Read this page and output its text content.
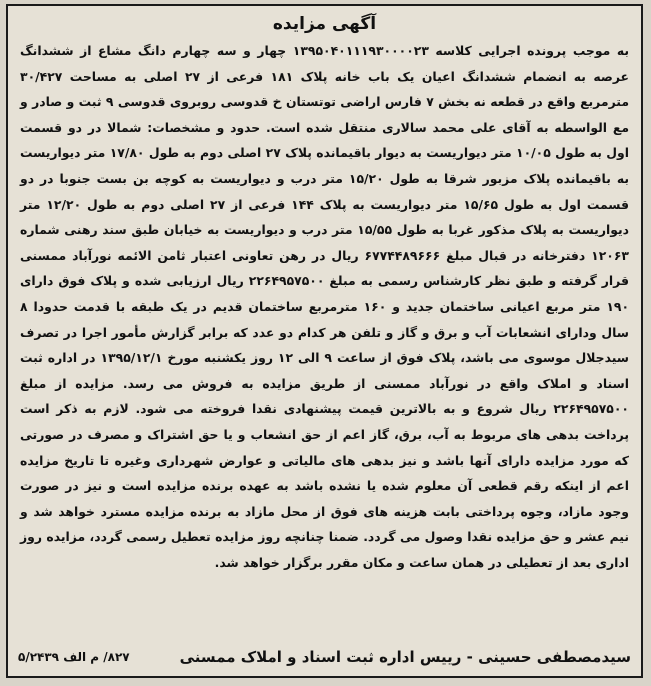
آگهی مزایده

به موجب پرونده اجرایی کلاسه ۱۳۹۵۰۴۰۱۱۱۹۳۰۰۰۰۲۳ چهار و سه چهارم دانگ مشاع از ششدانگ عرصه به انضمام ششدانگ اعیان یک باب خانه پلاک ۱۸۱ فرعی از ۲۷ اصلی به مساحت ۳۰/۴۲۷ مترمربع واقع در قطعه نه بخش ۷ فارس اراضی توتستان خ قدوسی روبروی قدوسی ۹ ثبت و صادر و مع الواسطه به آقای علی محمد سالاری منتقل شده است. حدود و مشخصات: شمالا در دو قسمت اول به طول ۱۰/۰۵ متر دیواریست به دیوار باقیمانده پلاک ۲۷ اصلی دوم به طول ۱۷/۸۰ متر دیواریست به باقیمانده پلاک مزبور شرقا به طول ۱۵/۲۰ متر درب و دیواریست به کوچه بن بست جنوبا در دو قسمت اول به طول ۱۵/۶۵ متر دیواریست به پلاک ۱۴۴ فرعی از ۲۷ اصلی دوم به طول ۱۲/۲۰ متر دیواریست به پلاک مذکور غربا به طول ۱۵/۵۵ متر درب و دیواریست به خیابان طبق سند رهنی شماره ۱۲۰۶۳ دفترخانه در قبال مبلغ ۶۷۷۴۴۸۹۶۶۶ ریال در رهن تعاونی اعتبار ثامن الائمه نورآباد ممسنی قرار گرفته و طبق نظر کارشناس رسمی به مبلغ ۲۲۶۴۹۵۷۵۰۰ ریال ارزیابی شده و پلاک فوق دارای ۱۹۰ متر مربع اعیانی ساختمان جدید و ۱۶۰ مترمربع ساختمان قدیم در یک طبقه با قدمت حدودا ۸ سال ودارای انشعابات آب و برق و گاز و تلفن هر کدام دو عدد که برابر گزارش مأمور اجرا در تصرف سیدجلال موسوی می باشد، پلاک فوق از ساعت ۹ الی ۱۲ روز یکشنبه مورخ ۱۳۹۵/۱۲/۱ در اداره ثبت اسناد و املاک واقع در نورآباد ممسنی از طریق مزایده به فروش می رسد. مزایده از مبلغ ۲۲۶۴۹۵۷۵۰۰ ریال شروع و به بالاترین قیمت پیشنهادی نقدا فروخته می شود. لازم به ذکر است پرداخت بدهی های مربوط به آب، برق، گاز اعم از حق انشعاب و یا حق اشتراک و مصرف در صورتی که مورد مزایده دارای آنها باشد و نیز بدهی های مالیاتی و عوارض شهرداری وغیره تا تاریخ مزایده اعم از اینکه رقم قطعی آن معلوم شده یا نشده باشد به عهده برنده مزایده است و نیز در صورت وجود مازاد، وجوه پرداختی بابت هزینه های فوق از محل مازاد به برنده مزایده مسترد خواهد شد و نیم عشر و حق مزایده نقدا وصول می گردد. ضمنا چنانچه روز مزایده تعطیل رسمی گردد، مزایده روز اداری بعد از تعطیلی در همان ساعت و مکان مقرر برگزار خواهد شد.

سیدمصطفی حسینی - رییس اداره ثبت اسناد و املاک ممسنی
۸۲۷/ م الف ۵/۲۴۳۹
